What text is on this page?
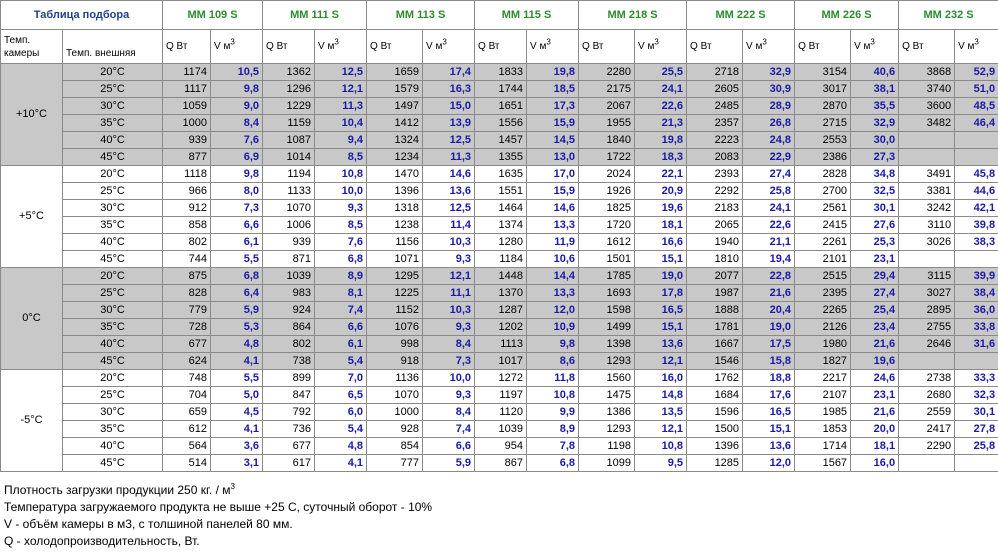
Таблица подбора		MM 109 S		MM 111 S		MM 113 S		MM 115 S		MM 218 S		MM 222 S		MM 226 S		MM 232 S	
Темп. камеры	Темп. внешняя	Q Вт	V $м^3$	Q Вт	V $м^3$	Q Вт	V $м^3$	Q Вт	V $м^3$	Q Вт	V $м^3$	Q Вт	V $м^3$	Q Вт	V $м^3$	Q Вт	V $м^3$
+10°C	20°C	1174	10,5	1362	12,5	1659	17,4	1833	19,8	2280	25,5	2718	32,9	3154	40,6	3868	52,9
	25°C	1117	9,8	1296	12,1	1579	16,3	1744	18,5	2175	24,1	2605	30,9	3017	38,1	3740	51,0
	30°C	1059	9,0	1229	11,3	1497	15,0	1651	17,3	2067	22,6	2485	28,9	2870	35,5	3600	48,5
	35°C	1000	8,4	1159	10,4	1412	13,9	1556	15,9	1955	21,3	2357	26,8	2715	32,9	3482	46,4
	40°C	939	7,6	1087	9,4	1324	12,5	1457	14,5	1840	19,8	2223	24,8	2553	30,0		
	45°C	877	6,9	1014	8,5	1234	11,3	1355	13,0	1722	18,3	2083	22,9	2386	27,3		
+5°C	20°C	1118	9,8	1194	10,8	1470	14,6	1635	17,0	2024	22,1	2393	27,4	2828	34,8	3491	45,8
	25°C	966	8,0	1133	10,0	1396	13,6	1551	15,9	1926	20,9	2292	25,8	2700	32,5	3381	44,6
	30°C	912	7,3	1070	9,3	1318	12,5	1464	14,6	1825	19,6	2183	24,1	2561	30,1	3242	42,1
	35°C	858	6,6	1006	8,5	1238	11,4	1374	13,3	1720	18,1	2065	22,6	2415	27,6	3110	39,8
	40°C	802	6,1	939	7,6	1156	10,3	1280	11,9	1612	16,6	1940	21,1	2261	25,3	3026	38,3
	45°C	744	5,5	871	6,8	1071	9,3	1184	10,6	1501	15,1	1810	19,4	2101	23,1		
0°C	20°C	875	6,8	1039	8,9	1295	12,1	1448	14,4	1785	19,0	2077	22,8	2515	29,4	3115	39,9
	25°C	828	6,4	983	8,1	1225	11,1	1370	13,3	1693	17,8	1987	21,6	2395	27,4	3027	38,4
	30°C	779	5,9	924	7,4	1152	10,3	1287	12,0	1598	16,5	1888	20,4	2265	25,4	2895	36,0
	35°C	728	5,3	864	6,6	1076	9,3	1202	10,9	1499	15,1	1781	19,0	2126	23,4	2755	33,8
	40°C	677	4,8	802	6,1	998	8,4	1113	9,8	1398	13,6	1667	17,5	1980	21,6	2646	31,6
	45°C	624	4,1	738	5,4	918	7,3	1017	8,6	1293	12,1	1546	15,8	1827	19,6		
-5°C	20°C	748	5,5	899	7,0	1136	10,0	1272	11,8	1560	16,0	1762	18,8	2217	24,6	2738	33,3
	25°C	704	5,0	847	6,5	1070	9,3	1197	10,8	1475	14,8	1684	17,6	2107	23,1	2680	32,3
	30°C	659	4,5	792	6,0	1000	8,4	1120	9,9	1386	13,5	1596	16,5	1985	21,6	2559	30,1
	35°C	612	4,1	736	5,4	928	7,4	1039	8,9	1293	12,1	1500	15,1	1853	20,0	2417	27,8
	40°C	564	3,6	677	4,8	854	6,6	954	7,8	1198	10,8	1396	13,6	1714	18,1	2290	25,8
	45°C	514	3,1	617	4,1	777	5,9	867	6,8	1099	9,5	1285	12,0	1567	16,0		
Плотность загрузки продукции 250 кг. / $м^3$
Температура загружаемого продукта не выше +25 С, суточный оборот - 10%
V - объём камеры в м3, с толшиной панелей 80 мм.
Q - холодопроизводительность, Вт.
